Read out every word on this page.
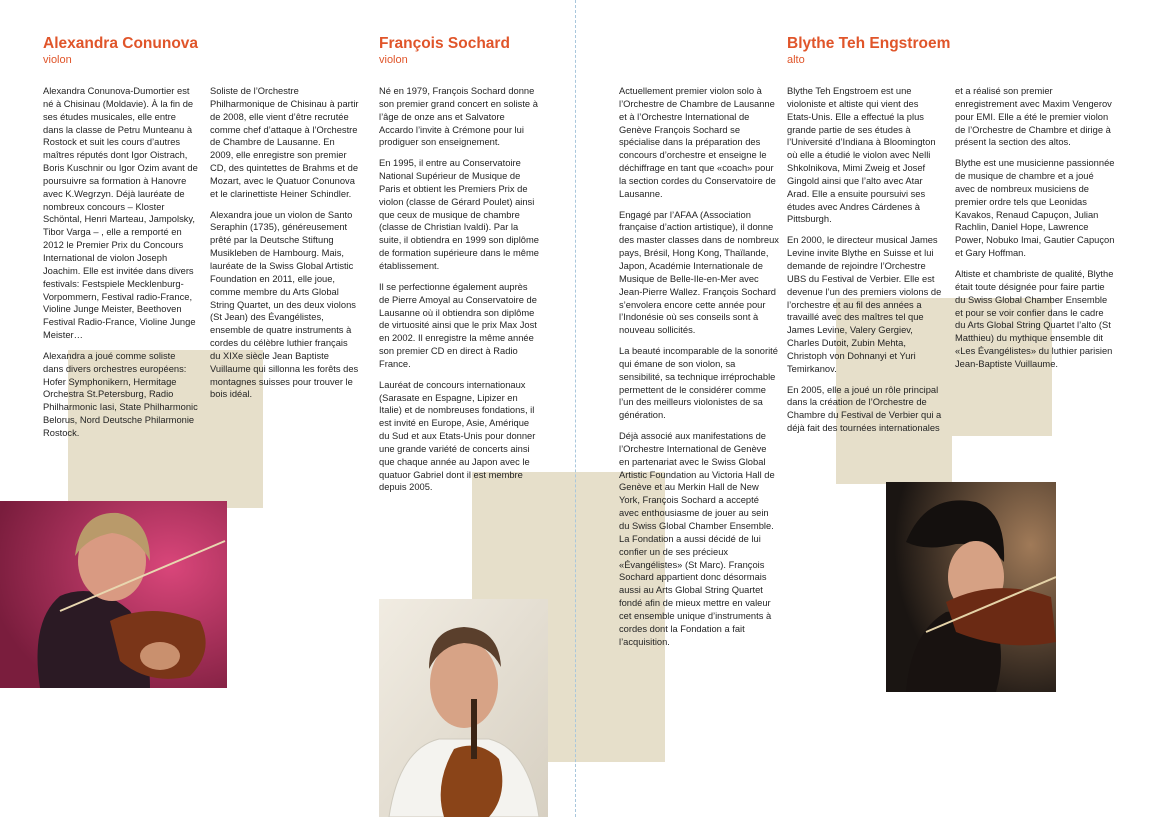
Alexandra Conunova
violon

Alexandra Conunova-Dumortier est né à Chisinau (Moldavie). À la fin de ses études musicales, elle entre dans la classe de Petru Munteanu à Rostock et suit les cours d’autres maîtres réputés dont Igor Oistrach, Boris Kuschnir ou Igor Ozim avant de poursuivre sa formation à Hanovre avec K.Wegrzyn. Déjà lauréate de nombreux concours – Kloster Schöntal, Henri Marteau, Jampolsky, Tibor Varga – , elle a remporté en 2012 le Premier Prix du Concours International de violon Joseph Joachim. Elle est invitée dans divers festivals: Festspiele Mecklenburg- Vorpommern, Festival radio-France, Violine Junge Meister, Beethoven Festival Radio-France, Violine Junge Meister…

Alexandra a joué comme soliste dans divers orchestres européens: Hofer Symphonikern, Hermitage Orchestra St.Petersburg, Radio Philharmonic Iasi, State Philharmonic Belorus, Nord Deutsche Philarmonie Rostock.

Soliste de l’Orchestre Philharmonique de Chisinau à partir de 2008, elle vient d’être recrutée comme chef d’attaque à l’Orchestre de Chambre de Lausanne. En 2009, elle enregistre son premier CD, des quintettes de Brahms et de Mozart, avec le Quatuor Conunova et le clarinettiste Heiner Schindler.

Alexandra joue un violon de Santo Seraphin (1735), généreusement prêté par la Deutsche Stiftung Musikleben de Hambourg. Mais, lauréate de la Swiss Global Artistic Foundation en 2011, elle joue, comme membre du Arts Global String Quartet, un des deux violons (St Jean) des Évangélistes, ensemble de quatre instruments à cordes du célèbre luthier français du XIXe siècle Jean Baptiste Vuillaume qui sillonna les forêts des montagnes suisses pour trouver le bois idéal.

François Sochard
violon

Né en 1979, François Sochard donne son premier grand concert en soliste à l’âge de onze ans et Salvatore Accardo l’invite à Crémone pour lui prodiguer son enseignement.

En 1995, il entre au Conservatoire National Supérieur de Musique de Paris et obtient les Premiers Prix de violon (classe de Gérard Poulet) ainsi que ceux de musique de chambre (classe de Christian Ivaldi). Par la suite, il obtiendra en 1999 son diplôme de formation supérieure dans le même établissement.

Il se perfectionne également auprès de Pierre Amoyal au Conservatoire de Lausanne où il obtiendra son diplôme de virtuosité ainsi que le prix Max Jost en 2002. Il enregistre la même année son premier CD en direct à Radio France.

Lauréat de concours internationaux (Sarasate en Espagne, Lipizer en Italie) et de nombreuses fondations, il est invité en Europe, Asie, Amérique du Sud et aux Etats-Unis pour donner une grande variété de concerts ainsi que chaque année au Japon avec le quatuor Gabriel dont il est membre depuis 2005.

Actuellement premier violon solo à l’Orchestre de Chambre de Lausanne et à l’Orchestre International de Genève François Sochard se spécialise dans la préparation des concours d’orchestre et enseigne le déchiffrage en tant que «coach» pour la section cordes du Conservatoire de Lausanne.

Engagé par l’AFAA (Association française d’action artistique), il donne des master classes dans de nombreux pays, Brésil, Hong Kong, Thaïlande, Japon, Académie Internationale de Musique de Belle-Ile-en-Mer avec Jean-Pierre Wallez. François Sochard s’envolera encore cette année pour l’Indonésie où ses conseils sont à nouveau sollicités.

La beauté incomparable de la sonorité qui émane de son violon, sa sensibilité, sa technique irréprochable permettent de le considérer comme l’un des meilleurs violonistes de sa génération.

Déjà associé aux manifestations de l’Orchestre International de Genève en partenariat avec le Swiss Global Artistic Foundation au Victoria Hall de Genève et au Merkin Hall de New York, François Sochard a accepté avec enthousiasme de jouer au sein du Swiss Global Chamber Ensemble. La Fondation a aussi décidé de lui confier un de ses précieux «Évangélistes» (St Marc). François Sochard appartient donc désormais aussi au Arts Global String Quartet fondé afin de mieux mettre en valeur cet ensemble unique d’instruments à cordes dont la Fondation a fait l’acquisition.

Blythe Teh Engstroem
alto

Blythe Teh Engstroem est une violoniste et altiste qui vient des Etats-Unis. Elle a effectué la plus grande partie de ses études à l’Université d’Indiana à Bloomington où elle a étudié le violon avec Nelli Shkolnikova, Mimi Zweig et Josef Gingold ainsi que l’alto avec Atar Arad. Elle a ensuite poursuivi ses études avec Andres Cárdenes à Pittsburgh.

En 2000, le directeur musical James Levine invite Blythe en Suisse et lui demande de rejoindre l’Orchestre UBS du Festival de Verbier. Elle est devenue l’un des premiers violons de l’orchestre et au fil des années a travaillé avec des maîtres tel que James Levine, Valery Gergiev, Charles Dutoit, Zubin Mehta, Christoph von Dohnanyi et Yuri Temirkanov.

En 2005, elle a joué un rôle principal dans la création de l’Orchestre de Chambre du Festival de Verbier qui a déjà fait des tournées internationales

et a réalisé son premier enregistrement avec Maxim Vengerov pour EMI. Elle a été le premier violon de l’Orchestre de Chambre et dirige à présent la section des altos.

Blythe est une musicienne passionnée de musique de chambre et a joué avec de nombreux musiciens de premier ordre tels que Leonidas Kavakos, Renaud Capuçon, Julian Rachlin, Daniel Hope, Lawrence Power, Nobuko Imai, Gautier Capuçon et Gary Hoffman.

Altiste et chambriste de qualité, Blythe était toute désignée pour faire partie du Swiss Global Chamber Ensemble et pour se voir confier dans le cadre du Arts Global String Quartet l’alto (St Matthieu) du mythique ensemble dit «Les Évangélistes» du luthier parisien Jean-Baptiste Vuillaume.
